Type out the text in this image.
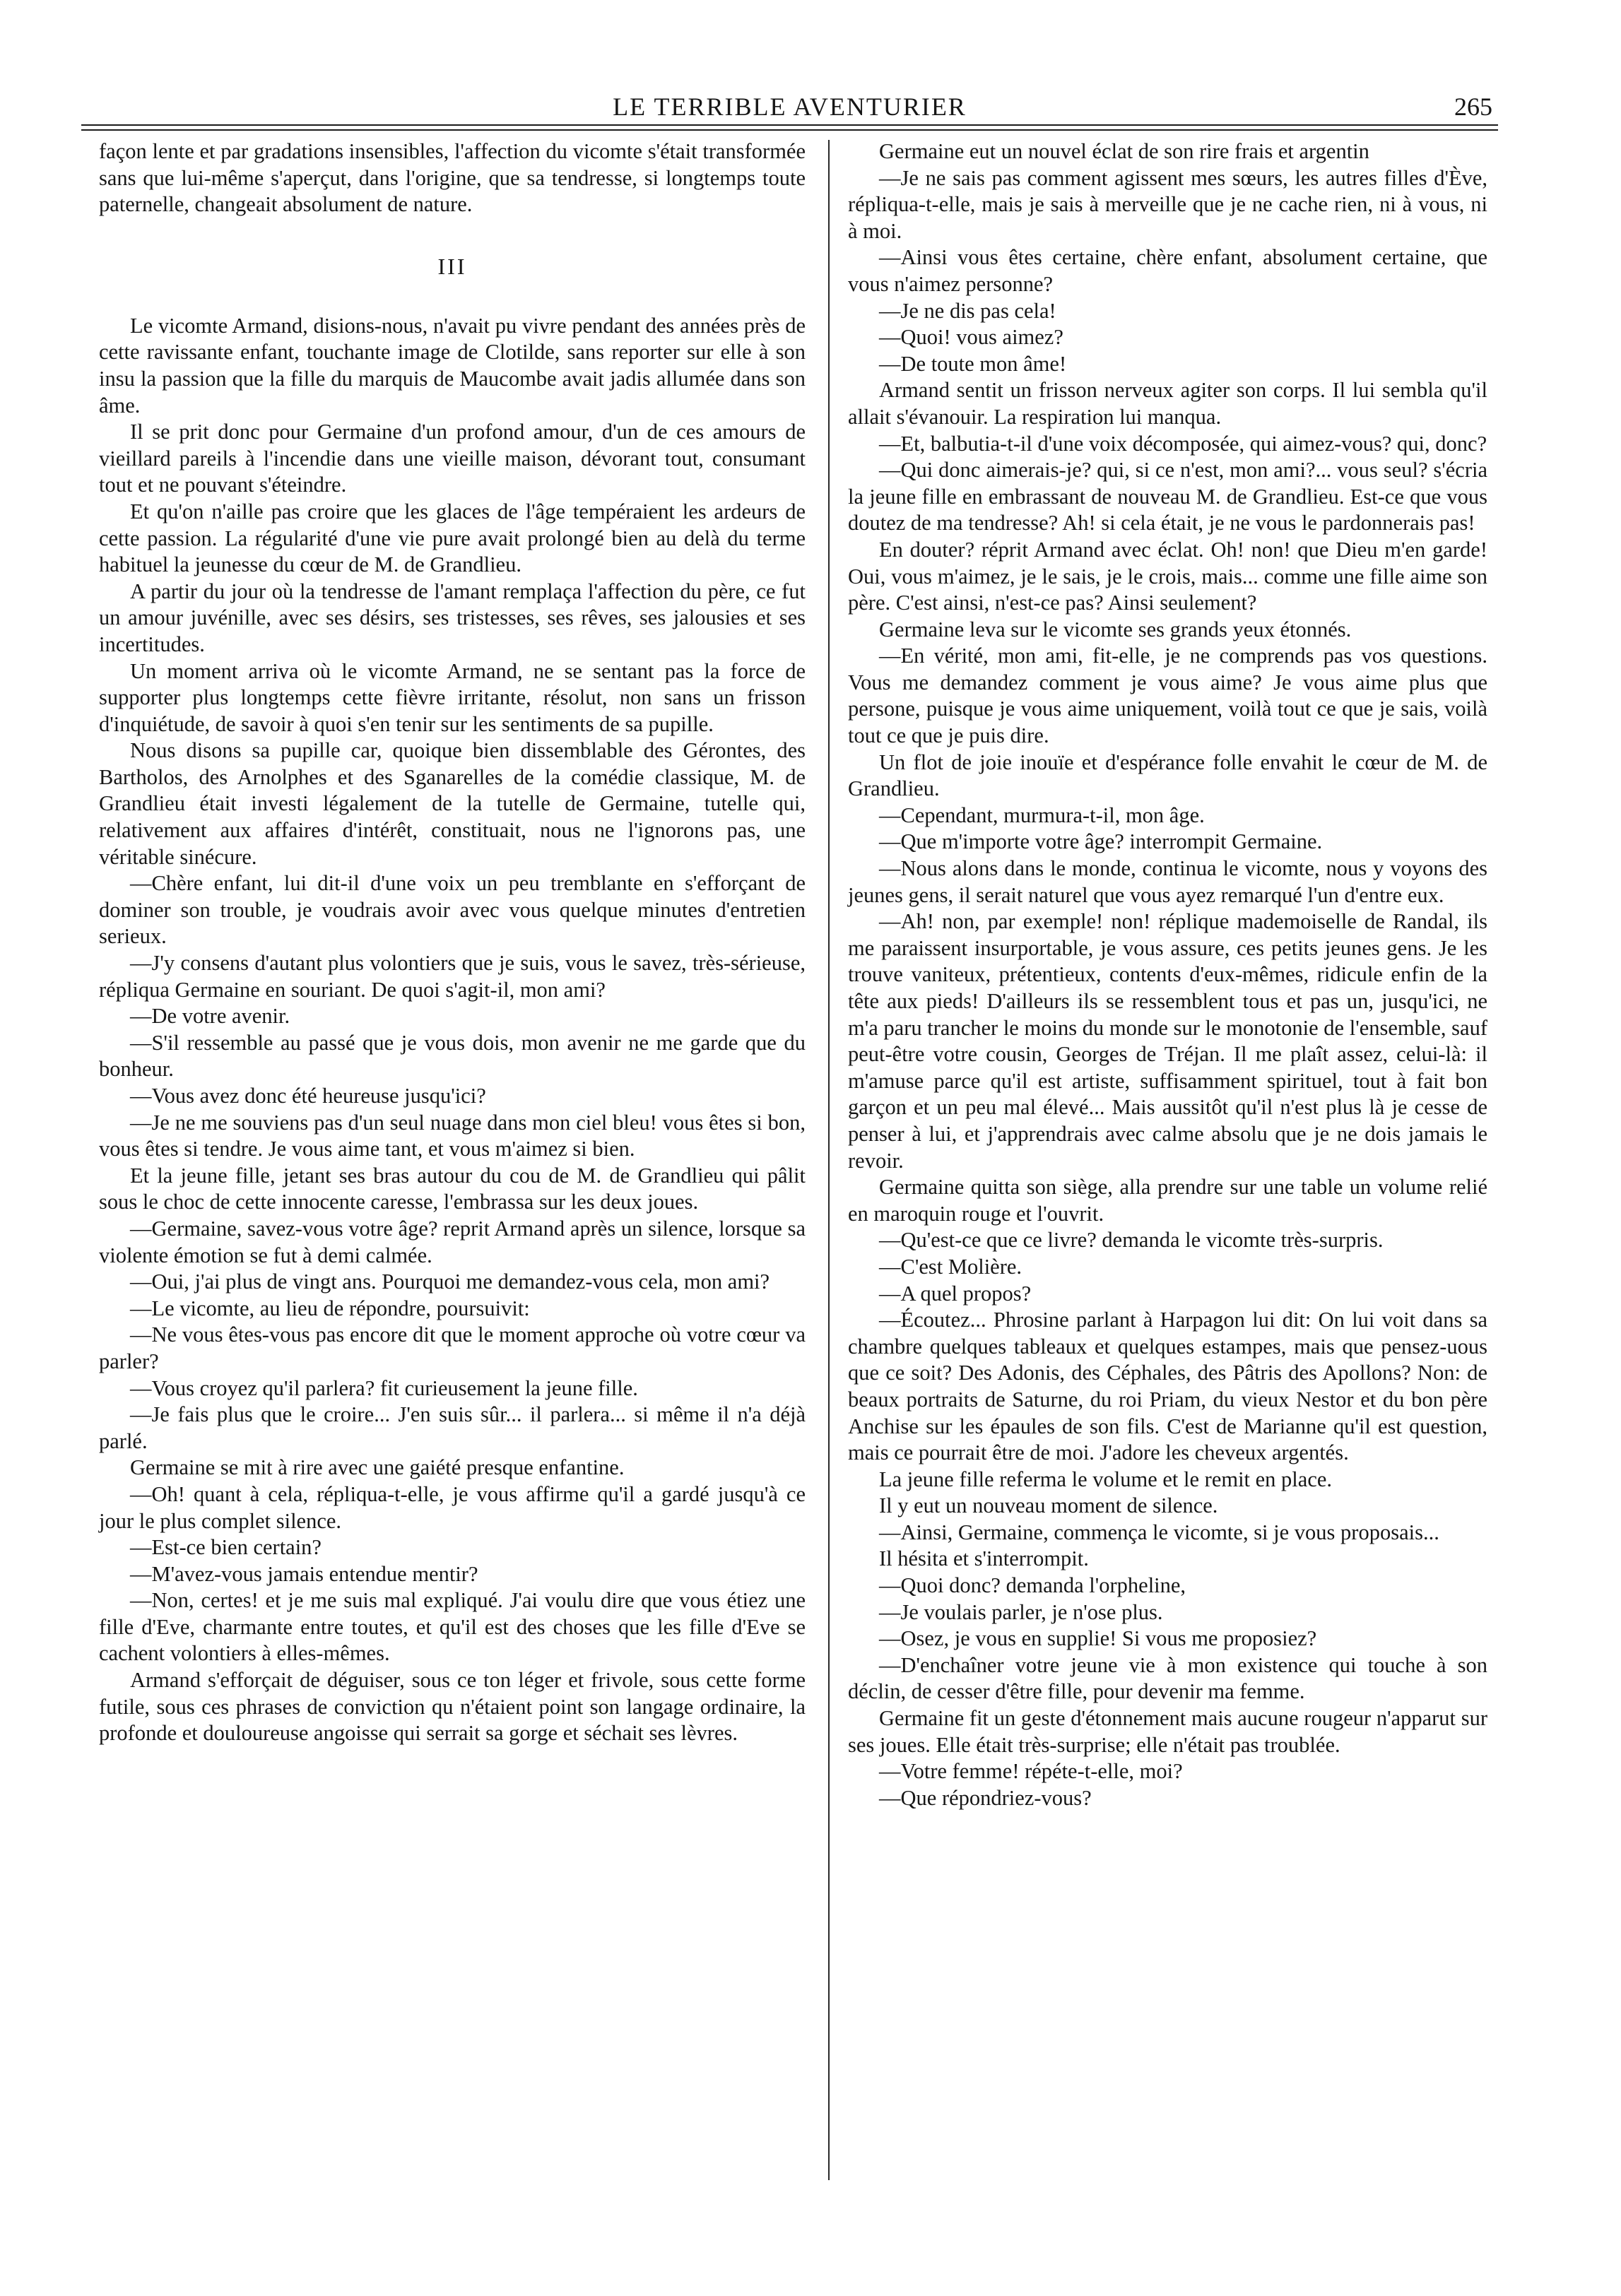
LE TERRIBLE AVENTURIER	265

façon lente et par gradations insensibles, l'affection du vicomte s'était transformée sans que lui-même s'aperçut, dans l'origine, que sa tendresse, si longtemps toute paternelle, changeait absolument de nature.

III

Le vicomte Armand, disions-nous, n'avait pu vivre pendant des années près de cette ravissante enfant, touchante image de Clotilde, sans reporter sur elle à son insu la passion que la fille du marquis de Maucombe avait jadis allumée dans son âme.

Il se prit donc pour Germaine d'un profond amour, d'un de ces amours de vieillard pareils à l'incendie dans une vieille maison, dévorant tout, consumant tout et ne pouvant s'éteindre.

Et qu'on n'aille pas croire que les glaces de l'âge tempéraient les ardeurs de cette passion. La régularité d'une vie pure avait prolongé bien au delà du terme habituel la jeunesse du cœur de M. de Grandlieu.

A partir du jour où la tendresse de l'amant remplaça l'affection du père, ce fut un amour juvénille, avec ses désirs, ses tristesses, ses rêves, ses jalousies et ses incertitudes.

Un moment arriva où le vicomte Armand, ne se sentant pas la force de supporter plus longtemps cette fièvre irritante, résolut, non sans un frisson d'inquiétude, de savoir à quoi s'en tenir sur les sentiments de sa pupille.

Nous disons sa pupille car, quoique bien dissemblable des Gérontes, des Bartholos, des Arnolphes et des Sganarelles de la comédie classique, M. de Grandlieu était investi légalement de la tutelle de Germaine, tutelle qui, relativement aux affaires d'intérêt, constituait, nous ne l'ignorons pas, une véritable sinécure.

—Chère enfant, lui dit-il d'une voix un peu tremblante en s'efforçant de dominer son trouble, je voudrais avoir avec vous quelque minutes d'entretien serieux.

—J'y consens d'autant plus volontiers que je suis, vous le savez, très-sérieuse, répliqua Germaine en souriant. De quoi s'agit-il, mon ami?

—De votre avenir.

—S'il ressemble au passé que je vous dois, mon avenir ne me garde que du bonheur.

—Vous avez donc été heureuse jusqu'ici?

—Je ne me souviens pas d'un seul nuage dans mon ciel bleu! vous êtes si bon, vous êtes si tendre. Je vous aime tant, et vous m'aimez si bien.

Et la jeune fille, jetant ses bras autour du cou de M. de Grandlieu qui pâlit sous le choc de cette innocente caresse, l'embrassa sur les deux joues.

—Germaine, savez-vous votre âge? reprit Armand après un silence, lorsque sa violente émotion se fut à demi calmée.

—Oui, j'ai plus de vingt ans. Pourquoi me demandez-vous cela, mon ami?

—Le vicomte, au lieu de répondre, poursuivit:

—Ne vous êtes-vous pas encore dit que le moment approche où votre cœur va parler?

—Vous croyez qu'il parlera? fit curieusement la jeune fille.

—Je fais plus que le croire... J'en suis sûr... il parlera... si même il n'a déjà parlé.

Germaine se mit à rire avec une gaiété presque enfantine.

—Oh! quant à cela, répliqua-t-elle, je vous affirme qu'il a gardé jusqu'à ce jour le plus complet silence.

—Est-ce bien certain?

—M'avez-vous jamais entendue mentir?

—Non, certes! et je me suis mal expliqué. J'ai voulu dire que vous étiez une fille d'Eve, charmante entre toutes, et qu'il est des choses que les fille d'Eve se cachent volontiers à elles-mêmes.

Armand s'efforçait de déguiser, sous ce ton léger et frivole, sous cette forme futile, sous ces phrases de conviction qu n'étaient point son langage ordinaire, la profonde et douloureuse angoisse qui serrait sa gorge et séchait ses lèvres.

Germaine eut un nouvel éclat de son rire frais et argentin

—Je ne sais pas comment agissent mes sœurs, les autres filles d'Ève, répliqua-t-elle, mais je sais à merveille que je ne cache rien, ni à vous, ni à moi.

—Ainsi vous êtes certaine, chère enfant, absolument certaine, que vous n'aimez personne?

—Je ne dis pas cela!

—Quoi! vous aimez?

—De toute mon âme!

Armand sentit un frisson nerveux agiter son corps. Il lui sembla qu'il allait s'évanouir. La respiration lui manqua.

—Et, balbutia-t-il d'une voix décomposée, qui aimez-vous? qui, donc?

—Qui donc aimerais-je? qui, si ce n'est, mon ami?... vous seul? s'écria la jeune fille en embrassant de nouveau M. de Grandlieu. Est-ce que vous doutez de ma tendresse? Ah! si cela était, je ne vous le pardonnerais pas!

En douter? réprit Armand avec éclat. Oh! non! que Dieu m'en garde! Oui, vous m'aimez, je le sais, je le crois, mais... comme une fille aime son père. C'est ainsi, n'est-ce pas? Ainsi seulement?

Germaine leva sur le vicomte ses grands yeux étonnés.

—En vérité, mon ami, fit-elle, je ne comprends pas vos questions. Vous me demandez comment je vous aime? Je vous aime plus que persone, puisque je vous aime uniquement, voilà tout ce que je sais, voilà tout ce que je puis dire.

Un flot de joie inouïe et d'espérance folle envahit le cœur de M. de Grandlieu.

—Cependant, murmura-t-il, mon âge.

—Que m'importe votre âge? interrompit Germaine.

—Nous alons dans le monde, continua le vicomte, nous y voyons des jeunes gens, il serait naturel que vous ayez remarqué l'un d'entre eux.

—Ah! non, par exemple! non! réplique mademoiselle de Randal, ils me paraissent insurportable, je vous assure, ces petits jeunes gens. Je les trouve vaniteux, prétentieux, contents d'eux-mêmes, ridicule enfin de la tête aux pieds! D'ailleurs ils se ressemblent tous et pas un, jusqu'ici, ne m'a paru trancher le moins du monde sur le monotonie de l'ensemble, sauf peut-être votre cousin, Georges de Tréjan. Il me plaît assez, celui-là: il m'amuse parce qu'il est artiste, suffisamment spirituel, tout à fait bon garçon et un peu mal élevé... Mais aussitôt qu'il n'est plus là je cesse de penser à lui, et j'apprendrais avec calme absolu que je ne dois jamais le revoir.

Germaine quitta son siège, alla prendre sur une table un volume relié en maroquin rouge et l'ouvrit.

—Qu'est-ce que ce livre? demanda le vicomte très-surpris.

—C'est Molière.

—A quel propos?

—Écoutez... Phrosine parlant à Harpagon lui dit: On lui voit dans sa chambre quelques tableaux et quelques estampes, mais que pensez-uous que ce soit? Des Adonis, des Céphales, des Pâtris des Apollons? Non: de beaux portraits de Saturne, du roi Priam, du vieux Nestor et du bon père Anchise sur les épaules de son fils. C'est de Marianne qu'il est question, mais ce pourrait être de moi. J'adore les cheveux argentés.

La jeune fille referma le volume et le remit en place.

Il y eut un nouveau moment de silence.

—Ainsi, Germaine, commença le vicomte, si je vous proposais...

Il hésita et s'interrompit.

—Quoi donc? demanda l'orpheline,

—Je voulais parler, je n'ose plus.

—Osez, je vous en supplie! Si vous me proposiez?

—D'enchaîner votre jeune vie à mon existence qui touche à son déclin, de cesser d'être fille, pour devenir ma femme.

Germaine fit un geste d'étonnement mais aucune rougeur n'apparut sur ses joues. Elle était très-surprise; elle n'était pas troublée.

—Votre femme! répéte-t-elle, moi?

—Que répondriez-vous?
